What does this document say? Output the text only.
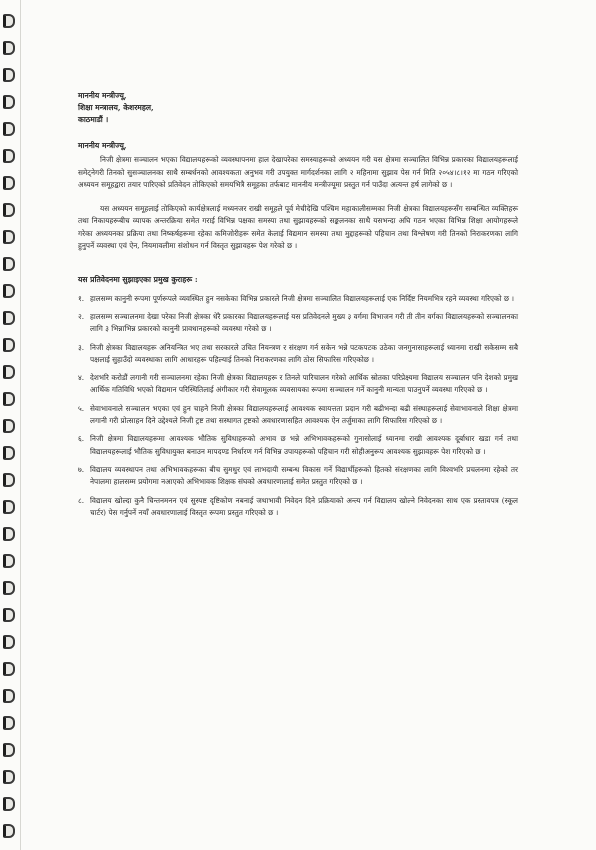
माननीय मन्त्रीज्यू,

शिक्षा मन्त्रालय, केशरमहल,

काठमाडौं ।

माननीय मन्त्रीज्यू,

निजी क्षेत्रमा सञ्चालन भएका विद्यालयहरूको व्यवस्थापनमा हाल देखापरेका समस्याहरूको अध्ययन गरी यस क्षेत्रमा सञ्चालित विभिन्न प्रकारका विद्यालयहरूलाई समेट्नेगरी तिनको सुसञ्चालनका साथै सम्बर्धनको आवश्यकता अनुभव गरी उपयुक्त मार्गदर्शनका लागि २ महिनामा सुझाव पेस गर्न मिति २०५४।८।१२ मा गठन गरिएको अध्ययन समूहद्वारा तयार पारिएको प्रतिवेदन तोकिएको समयभित्रै समूहका तर्फबाट माननीय मन्त्रीज्यूमा प्रस्तुत गर्न पाउँदा अत्यन्त हर्ष लागेको छ ।

यस अध्ययन समूहलाई तोकिएको कार्यक्षेत्रलाई मध्यनजर राखी समूहले पूर्व मेचीदेखि पश्चिम महाकालीसम्मका निजी क्षेत्रका विद्यालयहरूसँग सम्बन्धित व्यक्तिहरू तथा निकायहरूबीच व्यापक अन्तरक्रिया समेत गराई विभिन्न पक्षका समस्या तथा सुझावहरूको सङ्कलनका साथै यसभन्दा अघि गठन भएका विभिन्न शिक्षा आयोगहरूले गरेका अध्ययनका प्रक्रिया तथा निष्कर्षहरूमा रहेका कमिजोरीहरू समेत केलाई विद्यमान समस्या तथा मुद्दाहरूको पहिचान तथा विश्लेषण गरी तिनको निराकरणका लागि हुनुपर्ने व्यवस्था एवं ऐन, नियमावलीमा संशोधन गर्न विस्तृत सुझावहरू पेश गरेको छ ।

यस प्रतिवेदनमा सुझाइएका प्रमुख कुराहरू :
१. हालसम्म कानुनी रूपमा पूर्णरूपले व्यवस्थित हुन नसकेका विभिन्न प्रकारले निजी क्षेत्रमा सञ्चालित विद्यालयहरूलाई एक निर्दिष्ट नियमभित्र रहने व्यवस्था गरिएको छ ।
२. हालसम्म सञ्चालनमा देखा परेका निजी क्षेत्रका धेरै प्रकारका विद्यालयहरूलाई यस प्रतिवेदनले मुख्य ३ वर्गमा विभाजन गरी ती तीन वर्गका विद्यालयहरूको सञ्चालनका लागि ३ भिन्नाभिन्न प्रकारको कानुनी प्रावधानहरूको व्यवस्था गरेको छ ।
३. निजी क्षेत्रका विद्यालयहरू अनियन्त्रित भए तथा सरकारले उचित नियन्त्रण र संरक्षण गर्न सकेन भन्ने पटकपटक उठेका जनगुनासाहरूलाई ध्यानमा राखी सकेसम्म सबै पक्षलाई सुहाउँदो व्यवस्थाका लागि आधारहरू पहिल्याई तिनको निराकरणका लागि ठोस सिफारिस गरिएकोछ ।
४. देशभरि करोडौं लगानी गरी सञ्चालनमा रहेका निजी क्षेत्रका विद्यालयहरू र तिनले पारिचालन गरेको आर्थिक स्रोतका परिप्रेक्ष्यमा विद्यालय सञ्चालन पनि देशको प्रमुख आर्थिक गतिविधि भएको विद्यमान परिस्थितिलाई अंगीकार गरी सेवामूलक व्यवसायका रूपमा सञ्चालन गर्ने कानुनी मान्यता पाउनुपर्ने व्यवस्था गरिएको छ ।
५. सेवाभावनाले सञ्चालन भएका एवं हुन चाहने निजी क्षेत्रका विद्यालयहरूलाई आवश्यक स्वायत्तता प्रदान गरी बढीभन्दा बढी संस्थाहरूलाई सेवाभावनाले शिक्षा क्षेत्रमा लगानी गरी प्रोत्साहन दिने उद्देश्यले निजी ट्रष्ट तथा सस्थागत ट्रष्टको अवधारणासहित आवश्यक ऐन तर्जुमाका लागि सिफारिस गरिएको छ ।
६. निजी क्षेत्रमा विद्यालयहरूमा आवश्यक भौतिक सुविधाहरूको अभाव छ भन्ने अभिभावकहरूको गुनासोलाई ध्यानमा राखी आवश्यक दूर्बाधार खडा गर्न तथा विद्यालयहरूलाई भौतिक सुविधायुक्त बनाउन मापदण्ड निर्धारण गर्न विभिन्न उपायहरूको पहिचान गरी सोहीअनुरूप आवश्यक सुझावहरू पेश गरिएको छ ।
७. विद्यालय व्यवस्थापन तथा अभिभावकहरूका बीच सुमधुर एवं लाभदायी सम्बन्ध विकास गर्ने विद्यार्थीहरूको हितको संरक्षणका लागि विश्वभरि प्रचलनमा रहेको तर नेपालमा हालसम्म प्रयोगमा नआएको अभिभावक शिक्षक संघको अवधारणालाई समेत प्रस्तुत गरिएको छ ।
८. विद्यालय खोल्दा कुनै चिन्तनमनन एवं सुस्पष्ट दृष्टिकोण नबनाई जथाभावी निवेदन दिने प्रक्रियाको अन्त्य गर्न विद्यालय खोल्ने निवेदनका साथ एक प्रस्तावपत्र (स्कूल चार्टर) पेस गर्नुपर्ने नयाँ अवधारणालाई विस्तृत रूपमा प्रस्तुत गरिएको छ ।
